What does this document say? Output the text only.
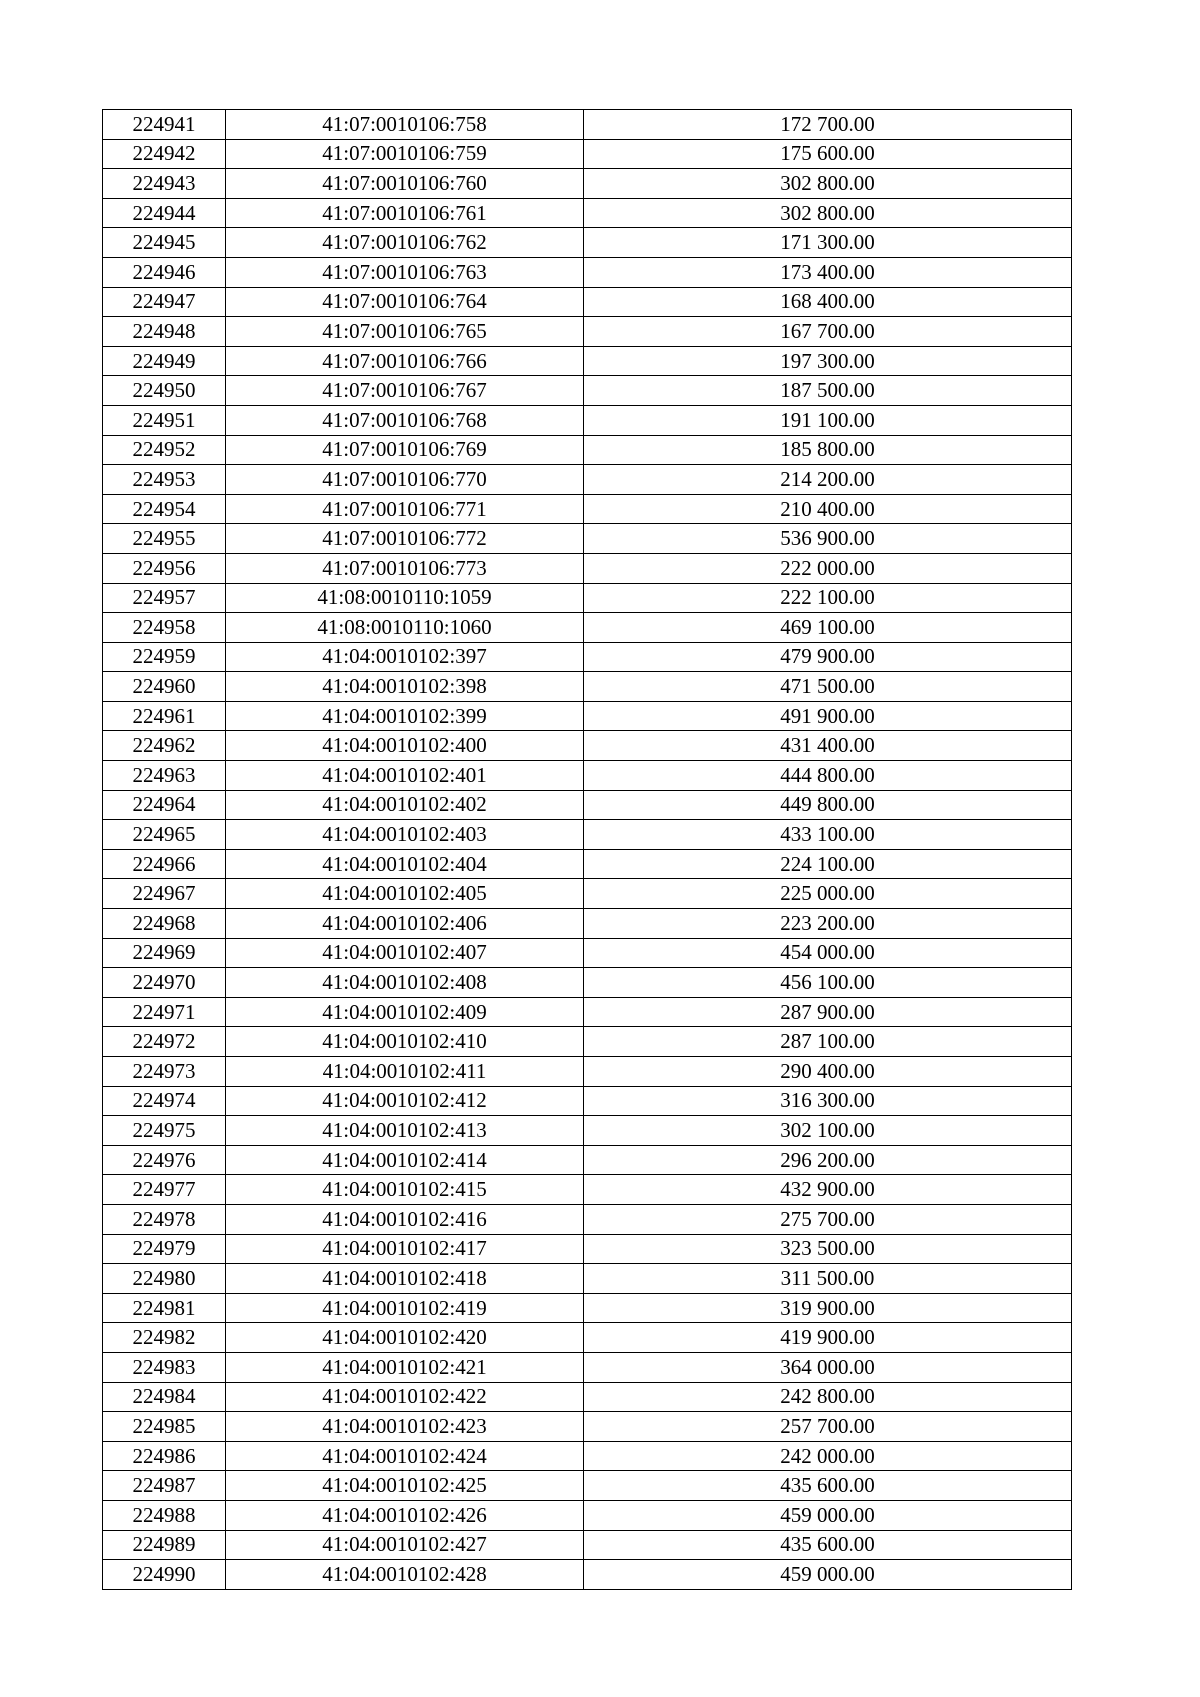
224941	41:07:0010106:758	172 700.00
224942	41:07:0010106:759	175 600.00
224943	41:07:0010106:760	302 800.00
224944	41:07:0010106:761	302 800.00
224945	41:07:0010106:762	171 300.00
224946	41:07:0010106:763	173 400.00
224947	41:07:0010106:764	168 400.00
224948	41:07:0010106:765	167 700.00
224949	41:07:0010106:766	197 300.00
224950	41:07:0010106:767	187 500.00
224951	41:07:0010106:768	191 100.00
224952	41:07:0010106:769	185 800.00
224953	41:07:0010106:770	214 200.00
224954	41:07:0010106:771	210 400.00
224955	41:07:0010106:772	536 900.00
224956	41:07:0010106:773	222 000.00
224957	41:08:0010110:1059	222 100.00
224958	41:08:0010110:1060	469 100.00
224959	41:04:0010102:397	479 900.00
224960	41:04:0010102:398	471 500.00
224961	41:04:0010102:399	491 900.00
224962	41:04:0010102:400	431 400.00
224963	41:04:0010102:401	444 800.00
224964	41:04:0010102:402	449 800.00
224965	41:04:0010102:403	433 100.00
224966	41:04:0010102:404	224 100.00
224967	41:04:0010102:405	225 000.00
224968	41:04:0010102:406	223 200.00
224969	41:04:0010102:407	454 000.00
224970	41:04:0010102:408	456 100.00
224971	41:04:0010102:409	287 900.00
224972	41:04:0010102:410	287 100.00
224973	41:04:0010102:411	290 400.00
224974	41:04:0010102:412	316 300.00
224975	41:04:0010102:413	302 100.00
224976	41:04:0010102:414	296 200.00
224977	41:04:0010102:415	432 900.00
224978	41:04:0010102:416	275 700.00
224979	41:04:0010102:417	323 500.00
224980	41:04:0010102:418	311 500.00
224981	41:04:0010102:419	319 900.00
224982	41:04:0010102:420	419 900.00
224983	41:04:0010102:421	364 000.00
224984	41:04:0010102:422	242 800.00
224985	41:04:0010102:423	257 700.00
224986	41:04:0010102:424	242 000.00
224987	41:04:0010102:425	435 600.00
224988	41:04:0010102:426	459 000.00
224989	41:04:0010102:427	435 600.00
224990	41:04:0010102:428	459 000.00
